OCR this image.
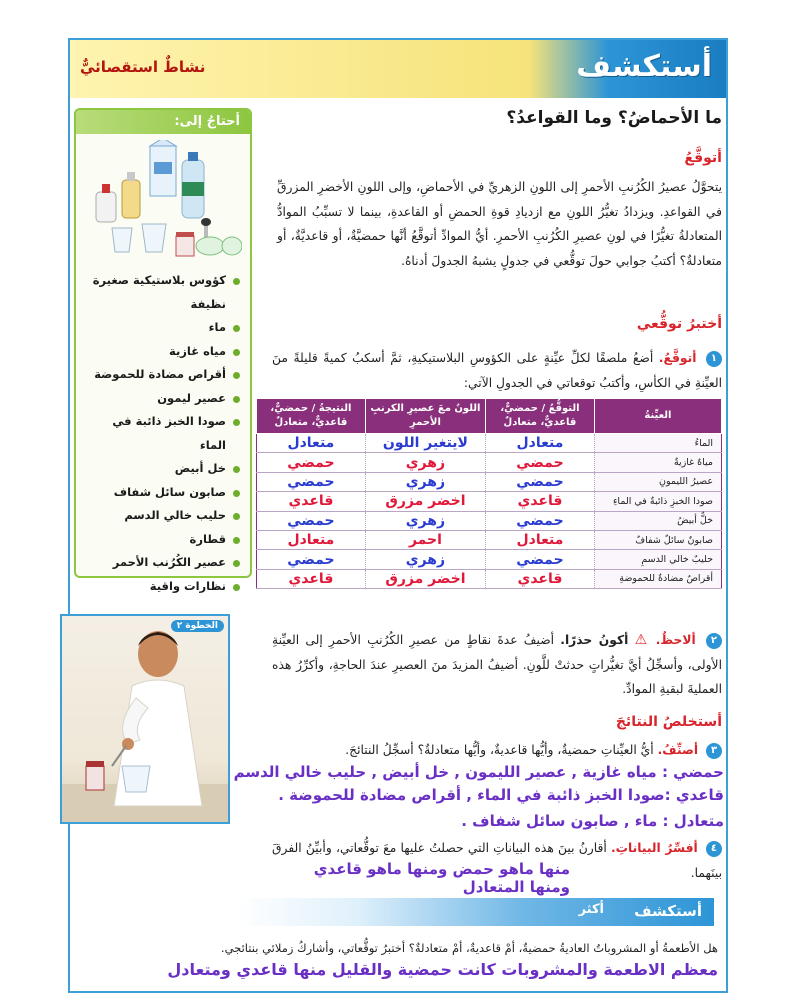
أستكشف
نشاطٌ استقصائيٌّ
أحتاجُ إلى:
كؤوس بلاستيكية صغيرة نظيفة
ماء
مياه غازية
أقراص مضادة للحموضة
عصير ليمون
صودا الخبز ذائبة في الماء
خل أبيض
صابون سائل شفاف
حليب خالي الدسم
قطارة
عصير الكُرُنب الأحمر
نظارات واقية
الخطوة ٢
ما الأحماضُ؟ وما القواعدُ؟
أتوقَّعُ
يتحوَّلُ عصيرُ الكُرُنبِ الأحمرِ إلى اللونِ الزهريِّ في الأحماضِ، وإلى اللونِ الأخضرِ المزرقِّ في القواعدِ. ويزدادُ تغيُّرُ اللونِ مع ازديادِ قوةِ الحمضِ أو القاعدةِ، بينما لا تسبِّبُ الموادُّ المتعادلةُ تغيُّرًا في لونِ عصيرِ الكُرُنبِ الأحمرِ. أيُّ الموادِّ أتوقَّعُ أنَّها حمضيَّةٌ، أو قاعديَّةٌ، أو متعادلةٌ؟ أكتبُ جوابي حولَ توقُّعي في جدولٍ يشبهُ الجدولَ أدناهُ.
أختبرُ توقُّعي
١ أتوقَّعُ. أضعُ ملصقًا لكلِّ عيِّنةٍ على الكؤوسِ البلاستيكيةِ، ثمَّ أسكبُ كميةً قليلةً منَ العيِّنةِ في الكأسِ، وأكتبُ توقعاتي في الجدولِ الآتي:
العيِّنةُ	التوقُّعُ / حمضيٌّ، قاعديٌّ، متعادلٌ	اللونُ معَ عصيرِ الكرنبِ الأحمرِ	النتيجةُ / حمضيٌّ، قاعديٌّ، متعادلٌ
الماءُ	متعادل	لايتغير اللون	متعادل
مياهٌ غازيةٌ	حمضي	زهري	حمضي
عصيرُ الليمونِ	حمضي	زهري	حمضي
صودا الخبزِ ذائبةٌ في الماءِ	قاعدي	اخضر مزرق	قاعدي
خلٌّ أبيضُ	حمضي	زهري	حمضي
صابونٌ سائلٌ شفافٌ	متعادل	احمر	متعادل
حليبٌ خالي الدسمِ	حمضي	زهري	حمضي
أقراصٌ مضادةٌ للحموضةِ	قاعدي	اخضر مزرق	قاعدي
٢ ألاحظُ. ⚠ أكونُ حذرًا. أضيفُ عدةَ نقاطٍ من عصيرِ الكُرُنبِ الأحمرِ إلى العيِّنةِ الأولى، وأسجِّلُ أيَّ تغيُّراتٍ حدثتْ للَّونِ. أضيفُ المزيدَ منَ العصيرِ عندَ الحاجةِ، وأكرِّرُ هذه العمليةَ لبقيةِ الموادِّ.
أستخلصُ النتائجَ
٣ أصنِّفُ. أيُّ العيِّناتِ حمضيةٌ، وأيُّها قاعديةٌ، وأيُّها متعادلةٌ؟ أسجِّلُ النتائجَ.
حمضي : مياه غازية , عصير الليمون , خل أبيض , حليب خالي الدسم
قاعدي :صودا الخبز ذائبة في الماء , أقراص مضادة للحموضة .
متعادل : ماء , صابون سائل شفاف .
٤ أفسِّرُ البياناتِ. أقارنُ بينَ هذه البياناتِ التي حصلتُ عليها معَ توقُّعاتي، وأبيِّنُ الفرقَ بينَهما.
منها ماهو حمض ومنها ماهو قاعدي ومنها المتعادل
أستكشف
أكثر
هل الأطعمةُ أو المشروباتُ العاديةُ حمضيةٌ، أمْ قاعديةٌ، أمْ متعادلةٌ؟ أختبرُ توقُّعاتي، وأشاركُ زملائي بنتائجي.
معظم الاطعمة والمشروبات كانت حمضية والقليل منها قاعدي ومتعادل
